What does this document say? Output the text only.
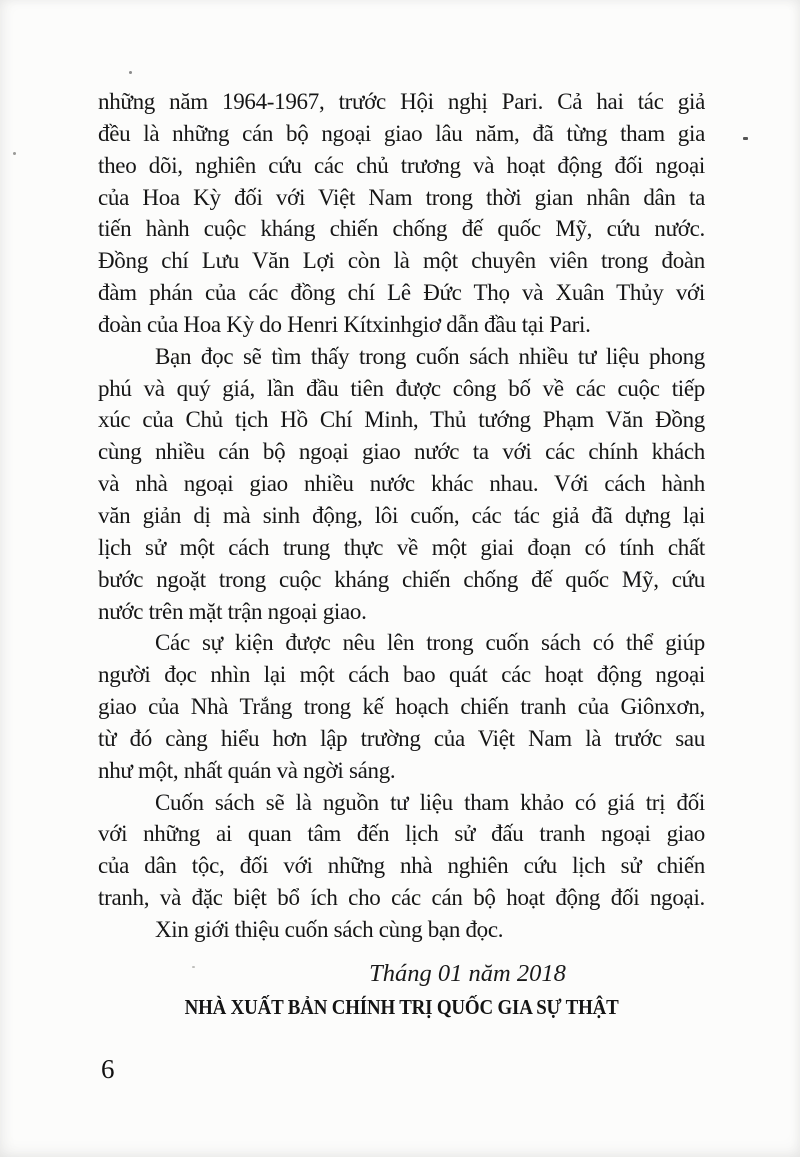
những năm 1964-1967, trước Hội nghị Pari. Cả hai tác giả
đều là những cán bộ ngoại giao lâu năm, đã từng tham gia
theo dõi, nghiên cứu các chủ trương và hoạt động đối ngoại
của Hoa Kỳ đối với Việt Nam trong thời gian nhân dân ta
tiến hành cuộc kháng chiến chống đế quốc Mỹ, cứu nước.
Đồng chí Lưu Văn Lợi còn là một chuyên viên trong đoàn
đàm phán của các đồng chí Lê Đức Thọ và Xuân Thủy với
đoàn của Hoa Kỳ do Henri Kítxinhgiơ dẫn đầu tại Pari.
Bạn đọc sẽ tìm thấy trong cuốn sách nhiều tư liệu phong
phú và quý giá, lần đầu tiên được công bố về các cuộc tiếp
xúc của Chủ tịch Hồ Chí Minh, Thủ tướng Phạm Văn Đồng
cùng nhiều cán bộ ngoại giao nước ta với các chính khách
và nhà ngoại giao nhiều nước khác nhau. Với cách hành
văn giản dị mà sinh động, lôi cuốn, các tác giả đã dựng lại
lịch sử một cách trung thực về một giai đoạn có tính chất
bước ngoặt trong cuộc kháng chiến chống đế quốc Mỹ, cứu
nước trên mặt trận ngoại giao.
Các sự kiện được nêu lên trong cuốn sách có thể giúp
người đọc nhìn lại một cách bao quát các hoạt động ngoại
giao của Nhà Trắng trong kế hoạch chiến tranh của Giônxơn,
từ đó càng hiểu hơn lập trường của Việt Nam là trước sau
như một, nhất quán và ngời sáng.
Cuốn sách sẽ là nguồn tư liệu tham khảo có giá trị đối
với những ai quan tâm đến lịch sử đấu tranh ngoại giao
của dân tộc, đối với những nhà nghiên cứu lịch sử chiến
tranh, và đặc biệt bổ ích cho các cán bộ hoạt động đối ngoại.
Xin giới thiệu cuốn sách cùng bạn đọc.
Tháng 01 năm 2018
NHÀ XUẤT BẢN CHÍNH TRỊ QUỐC GIA SỰ THẬT
6
